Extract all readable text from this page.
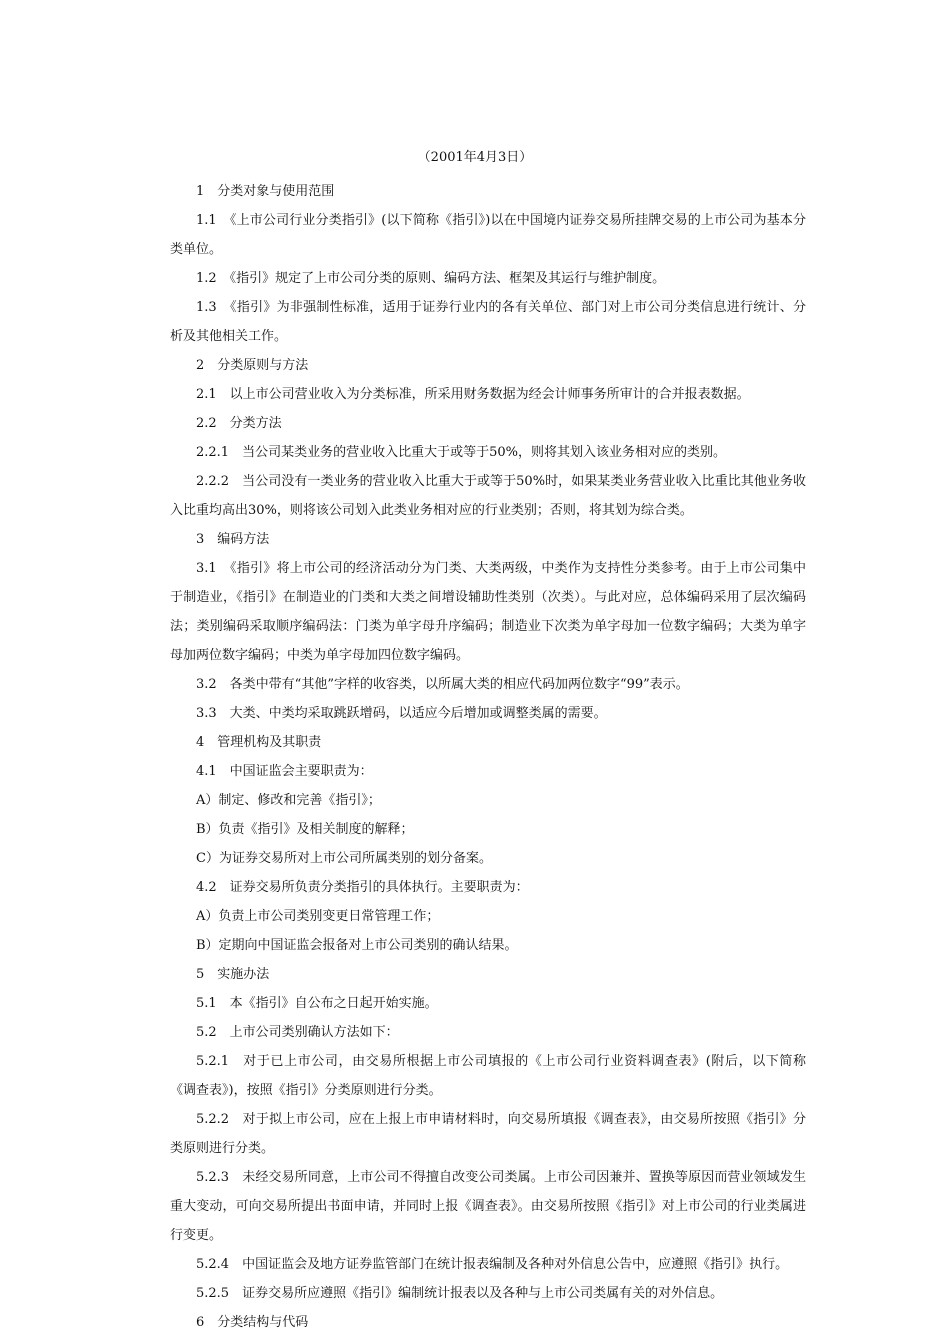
（2001年4月3日）

1　分类对象与使用范围

1.1　《上市公司行业分类指引》(以下简称《指引》)以在中国境内证券交易所挂牌交易的上市公司为基本分类单位。

1.2　《指引》规定了上市公司分类的原则、编码方法、框架及其运行与维护制度。

1.3　《指引》为非强制性标准，适用于证券行业内的各有关单位、部门对上市公司分类信息进行统计、分析及其他相关工作。

2　分类原则与方法

2.1　以上市公司营业收入为分类标准，所采用财务数据为经会计师事务所审计的合并报表数据。

2.2　分类方法

2.2.1　当公司某类业务的营业收入比重大于或等于50%，则将其划入该业务相对应的类别。

2.2.2　当公司没有一类业务的营业收入比重大于或等于50%时，如果某类业务营业收入比重比其他业务收入比重均高出30%，则将该公司划入此类业务相对应的行业类别；否则，将其划为综合类。

3　编码方法

3.1　《指引》将上市公司的经济活动分为门类、大类两级，中类作为支持性分类参考。由于上市公司集中于制造业，《指引》在制造业的门类和大类之间增设辅助性类别（次类）。与此对应，总体编码采用了层次编码法；类别编码采取顺序编码法：门类为单字母升序编码；制造业下次类为单字母加一位数字编码；大类为单字母加两位数字编码；中类为单字母加四位数字编码。

3.2　各类中带有“其他”字样的收容类，以所属大类的相应代码加两位数字“99”表示。

3.3　大类、中类均采取跳跃增码，以适应今后增加或调整类属的需要。

4　管理机构及其职责

4.1　中国证监会主要职责为：

A）制定、修改和完善《指引》；

B）负责《指引》及相关制度的解释；

C）为证券交易所对上市公司所属类别的划分备案。

4.2　证券交易所负责分类指引的具体执行。主要职责为：

A）负责上市公司类别变更日常管理工作；

B）定期向中国证监会报备对上市公司类别的确认结果。

5　实施办法

5.1　本《指引》自公布之日起开始实施。

5.2　上市公司类别确认方法如下：

5.2.1　对于已上市公司，由交易所根据上市公司填报的《上市公司行业资料调查表》(附后，以下简称《调查表》)，按照《指引》分类原则进行分类。

5.2.2　对于拟上市公司，应在上报上市申请材料时，向交易所填报《调查表》，由交易所按照《指引》分类原则进行分类。

5.2.3　未经交易所同意，上市公司不得擅自改变公司类属。上市公司因兼并、置换等原因而营业领域发生重大变动，可向交易所提出书面申请，并同时上报《调查表》。由交易所按照《指引》对上市公司的行业类属进行变更。

5.2.4　中国证监会及地方证券监管部门在统计报表编制及各种对外信息公告中，应遵照《指引》执行。

5.2.5　证券交易所应遵照《指引》编制统计报表以及各种与上市公司类属有关的对外信息。

6　分类结构与代码
